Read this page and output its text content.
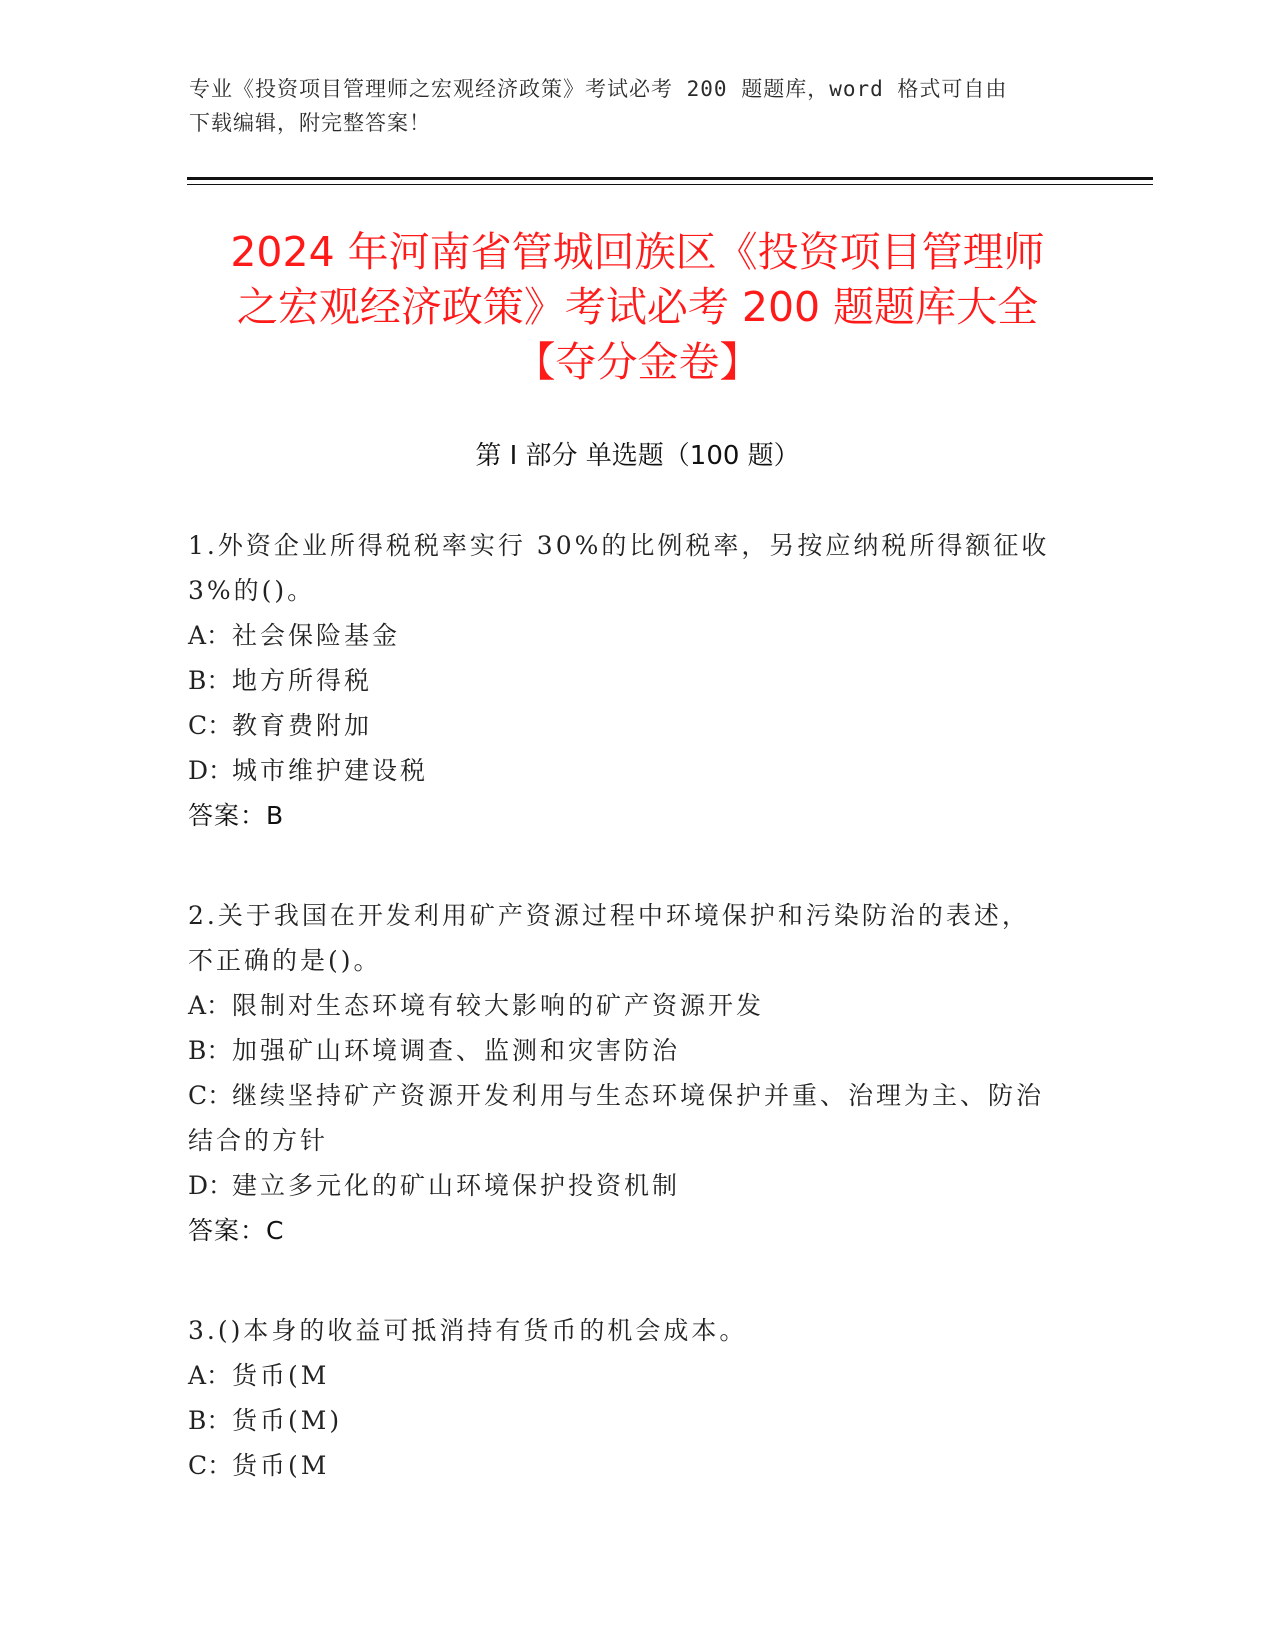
专业《投资项目管理师之宏观经济政策》考试必考 200 题题库，word 格式可自由
下载编辑，附完整答案！
2024 年河南省管城回族区《投资项目管理师
之宏观经济政策》考试必考 200 题题库大全
【夺分金卷】
第 I 部分 单选题（100 题）
1.外资企业所得税税率实行 30%的比例税率，另按应纳税所得额征收
3%的()。
A：社会保险基金
B：地方所得税
C：教育费附加
D：城市维护建设税
答案：B
2.关于我国在开发利用矿产资源过程中环境保护和污染防治的表述，
不正确的是()。
A：限制对生态环境有较大影响的矿产资源开发
B：加强矿山环境调查、监测和灾害防治
C：继续坚持矿产资源开发利用与生态环境保护并重、治理为主、防治
结合的方针
D：建立多元化的矿山环境保护投资机制
答案：C
3.()本身的收益可抵消持有货币的机会成本。
A：货币(M
B：货币(M)
C：货币(M
